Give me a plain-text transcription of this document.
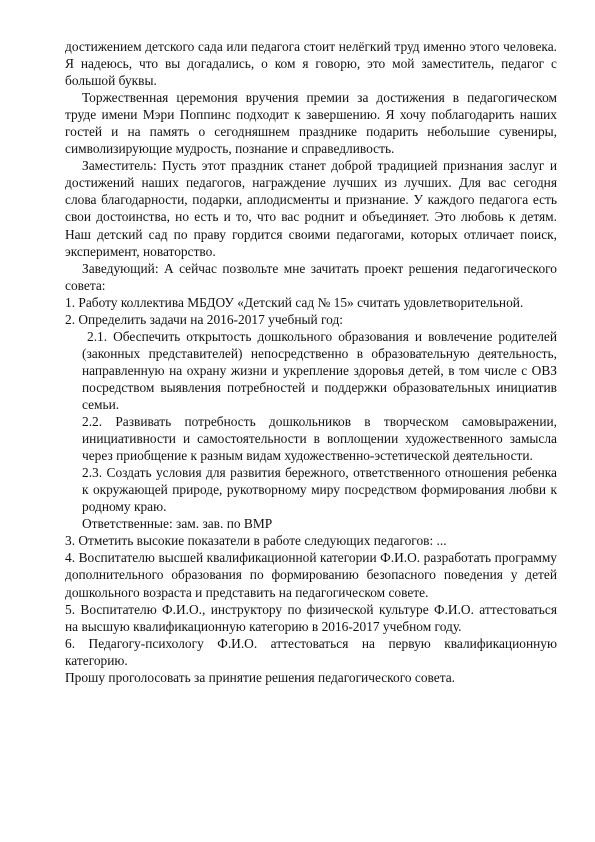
достижением детского сада или педагога стоит нелёгкий труд именно этого человека. Я надеюсь, что вы догадались, о ком я говорю, это мой заместитель, педагог с большой буквы.

Торжественная церемония вручения премии за достижения в педагогическом труде имени Мэри Поппинс подходит к завершению. Я хочу поблагодарить наших гостей и на память о сегодняшнем празднике подарить небольшие сувениры, символизирующие мудрость, познание и справедливость.

Заместитель: Пусть этот праздник станет доброй традицией признания заслуг и достижений наших педагогов, награждение лучших из лучших. Для вас сегодня слова благодарности, подарки, аплодисменты и признание. У каждого педагога есть свои достоинства, но есть и то, что вас роднит и объединяет. Это любовь к детям. Наш детский сад по праву гордится своими педагогами, которых отличает поиск, эксперимент, новаторство.

Заведующий: А сейчас позвольте мне зачитать проект решения педагогического совета:

1. Работу коллектива МБДОУ «Детский сад № 15» считать удовлетворительной.

2. Определить задачи на 2016-2017 учебный год:

2.1. Обеспечить открытость дошкольного образования и вовлечение родителей (законных представителей) непосредственно в образовательную деятельность, направленную на охрану жизни и укрепление здоровья детей, в том числе с ОВЗ посредством выявления потребностей и поддержки образовательных инициатив семьи.

2.2. Развивать потребность дошкольников в творческом самовыражении, инициативности и самостоятельности в воплощении художественного замысла через приобщение к разным видам художественно-эстетической деятельности.

2.3. Создать условия для развития бережного, ответственного отношения ребенка к окружающей природе, рукотворному миру посредством формирования любви к родному краю.

Ответственные: зам. зав. по ВМР

3. Отметить высокие показатели в работе следующих педагогов: ...

4. Воспитателю высшей квалификационной категории Ф.И.О. разработать программу дополнительного образования по формированию безопасного поведения у детей дошкольного возраста и представить на педагогическом совете.

5. Воспитателю Ф.И.О., инструктору по физической культуре Ф.И.О. аттестоваться на высшую квалификационную категорию в 2016-2017 учебном году.

6. Педагогу-психологу Ф.И.О. аттестоваться на первую квалификационную категорию.

Прошу проголосовать за принятие решения педагогического совета.
